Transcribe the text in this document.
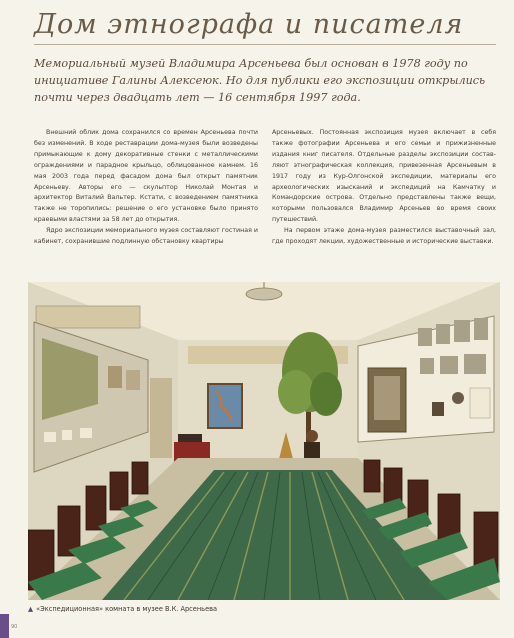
Дом этнографа и писателя
Мемориальный музей Владимира Арсеньева был основан в 1978 году по инициативе Галины Алексеюк. Но для публики его экспозиции открылись почти через двадцать лет — 16 сентября 1997 года.

Внешний облик дома сохранился со времен Арсеньева почти без изменений. В ходе реставрации дома-музея были возведены примыкающие к дому декоративные стенки с металлическими ограждениями и парадное крыльцо, облицованное камнем. 16 мая 2003 года перед фасадом дома был открыт памятник Арсеньеву. Авторы его — скульптор Николай Монтая и архитектор Виталий Вальтер. Кстати, с возведением памятника также не торопились: решение о его установке было принято краевыми властями за 58 лет до открытия.

Ядро экспозиции мемориального музея составляют гостиная и кабинет, сохранившие подлинную обстановку квартиры

Арсеньевых. Постоянная экспозиция музея включает в себя также фотографии Арсеньева и его семьи и прижизненные издания книг писателя. Отдельные разделы экспозиции составляют этнографическая коллекция, привезенная Арсеньевым в 1917 году из Кур-Олгонской экспедиции, материалы его археологических изысканий и экспедиций на Камчатку и Командорские острова. Отдельно представлены также вещи, которыми пользовался Владимир Арсеньев во время своих путешествий.

На первом этаже дома-музея разместился выставочный зал, где проходят лекции, художественные и исторические выставки.

▲ «Экспедиционная» комната в музее В.К. Арсеньева
90
